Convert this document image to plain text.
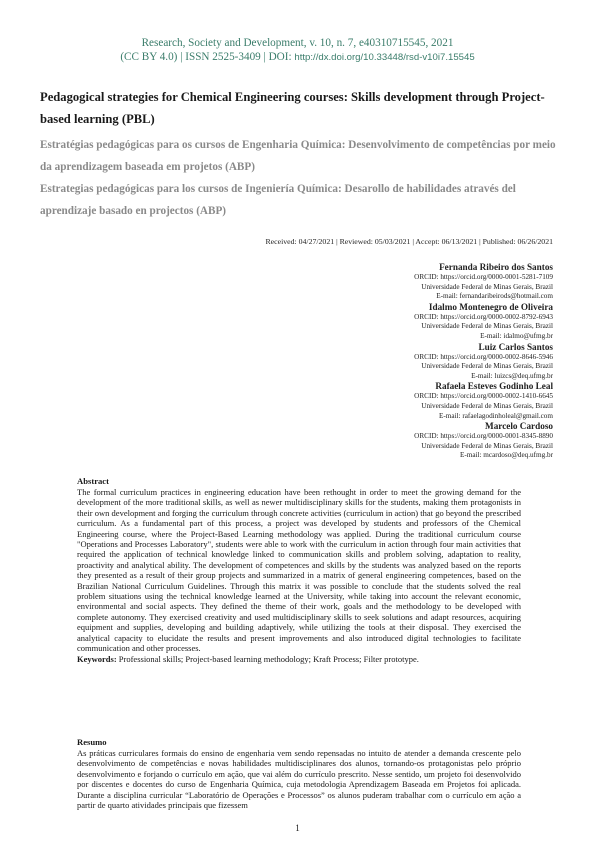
Research, Society and Development, v. 10, n. 7, e40310715545, 2021
(CC BY 4.0) | ISSN 2525-3409 | DOI: http://dx.doi.org/10.33448/rsd-v10i7.15545

Pedagogical strategies for Chemical Engineering courses: Skills development through Project-based learning (PBL)

Estratégias pedagógicas para os cursos de Engenharia Química: Desenvolvimento de competências por meio da aprendizagem baseada em projetos (ABP)

Estrategias pedagógicas para los cursos de Ingeniería Química: Desarollo de habilidades através del aprendizaje basado en projectos (ABP)

Received: 04/27/2021 | Reviewed: 05/03/2021 | Accept: 06/13/2021 | Published: 06/26/2021
Fernanda Ribeiro dos Santos
ORCID: https://orcid.org/0000-0001-5281-7109
Universidade Federal de Minas Gerais, Brazil
E-mail: fernandaribeirods@hotmail.com
Idalmo Montenegro de Oliveira
ORCID: https://orcid.org/0000-0002-8792-6943
Universidade Federal de Minas Gerais, Brazil
E-mail: idalmo@ufmg.br
Luiz Carlos Santos
ORCID: https://orcid.org/0000-0002-8646-5946
Universidade Federal de Minas Gerais, Brazil
E-mail: luizcs@deq.ufmg.br
Rafaela Esteves Godinho Leal
ORCID: https://orcid.org/0000-0002-1410-6645
Universidade Federal de Minas Gerais, Brazil
E-mail: rafaelagodinholeal@gmail.com
Marcelo Cardoso
ORCID: https://orcid.org/0000-0001-8345-8890
Universidade Federal de Minas Gerais, Brazil
E-mail: mcardoso@deq.ufmg.br
Abstract
The formal curriculum practices in engineering education have been rethought in order to meet the growing demand for the development of the more traditional skills, as well as newer multidisciplinary skills for the students, making them protagonists in their own development and forging the curriculum through concrete activities (curriculum in action) that go beyond the prescribed curriculum. As a fundamental part of this process, a project was developed by students and professors of the Chemical Engineering course, where the Project-Based Learning methodology was applied. During the traditional curriculum course "Operations and Processes Laboratory", students were able to work with the curriculum in action through four main activities that required the application of technical knowledge linked to communication skills and problem solving, adaptation to reality, proactivity and analytical ability. The development of competences and skills by the students was analyzed based on the reports they presented as a result of their group projects and summarized in a matrix of general engineering competences, based on the Brazilian National Curriculum Guidelines. Through this matrix it was possible to conclude that the students solved the real problem situations using the technical knowledge learned at the University, while taking into account the relevant economic, environmental and social aspects. They defined the theme of their work, goals and the methodology to be developed with complete autonomy. They exercised creativity and used multidisciplinary skills to seek solutions and adapt resources, acquiring equipment and supplies, developing and building adaptively, while utilizing the tools at their disposal. They exercised the analytical capacity to elucidate the results and present improvements and also introduced digital technologies to facilitate communication and other processes.
Keywords: Professional skills; Project-based learning methodology; Kraft Process; Filter prototype.
Resumo
As práticas curriculares formais do ensino de engenharia vem sendo repensadas no intuito de atender a demanda crescente pelo desenvolvimento de competências e novas habilidades multidisciplinares dos alunos, tornando-os protagonistas pelo próprio desenvolvimento e forjando o currículo em ação, que vai além do currículo prescrito. Nesse sentido, um projeto foi desenvolvido por discentes e docentes do curso de Engenharia Química, cuja metodologia Aprendizagem Baseada em Projetos foi aplicada. Durante a disciplina curricular “Laboratório de Operações e Processos” os alunos puderam trabalhar com o currículo em ação a partir de quarto atividades principais que fizessem
1
